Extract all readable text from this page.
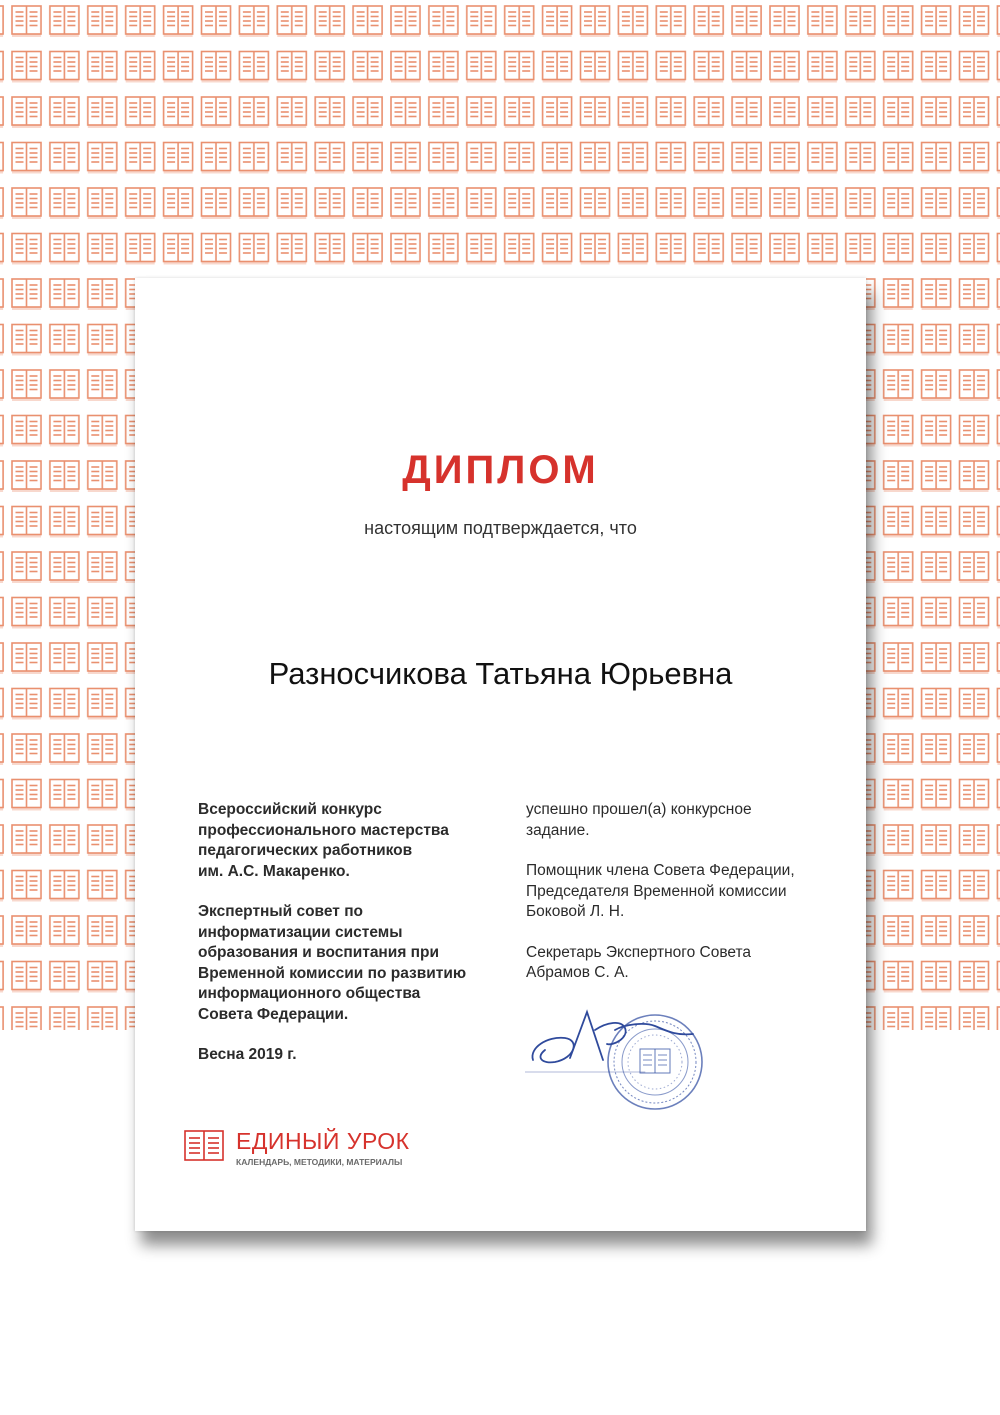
ДИПЛОМ
настоящим подтверждается, что
Разносчикова Татьяна Юрьевна
Всероссийский конкурс
профессионального мастерства
педагогических работников
им. А.С. Макаренко.
Экспертный совет по
информатизации системы
образования и воспитания при
Временной комиссии по развитию
информационного общества
Совета Федерации.
Весна 2019 г.
успешно прошел(а) конкурсное
задание.
Помощник члена Совета Федерации,
Председателя Временной комиссии
Боковой Л. Н.
Секретарь Экспертного Совета
Абрамов С. А.
ЕДИНЫЙ УРОК
КАЛЕНДАРЬ, МЕТОДИКИ, МАТЕРИАЛЫ
